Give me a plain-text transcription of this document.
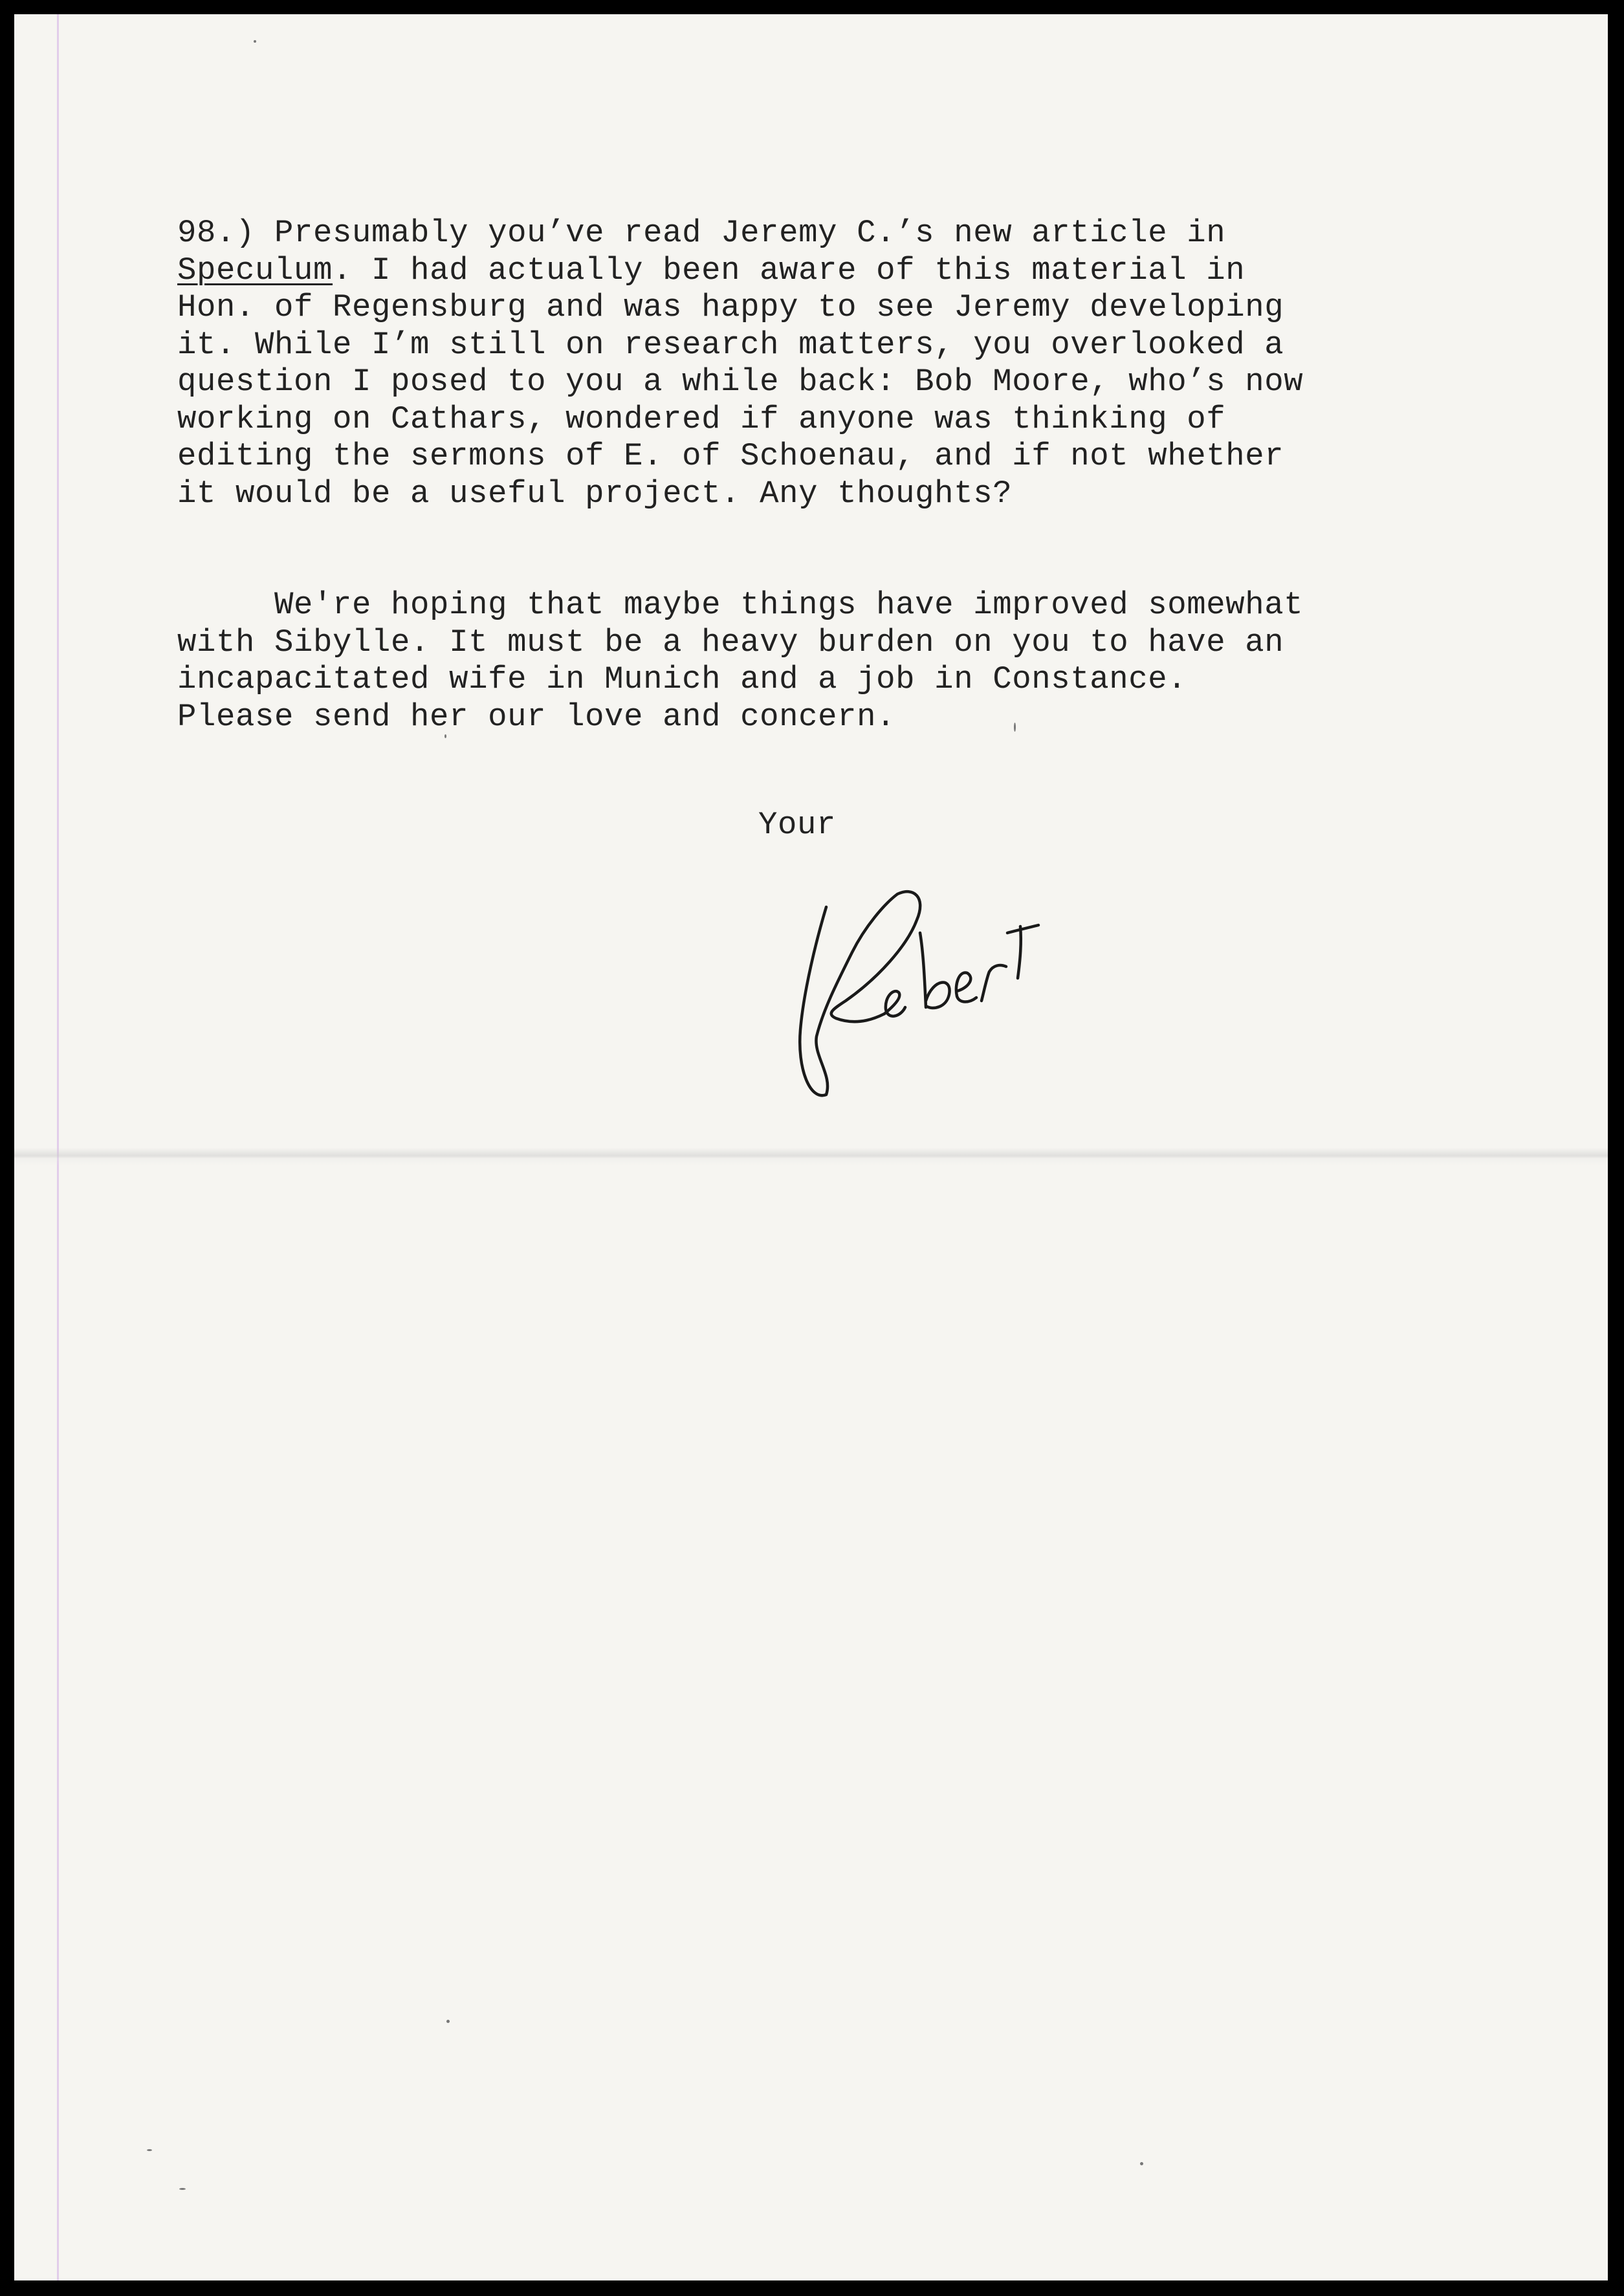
98.) Presumably you’ve read Jeremy C.’s new article in
Speculum. I had actually been aware of this material in
Hon. of Regensburg and was happy to see Jeremy developing
it. While I’m still on research matters, you overlooked a
question I posed to you a while back: Bob Moore, who’s now
working on Cathars, wondered if anyone was thinking of
editing the sermons of E. of Schoenau, and if not whether
it would be a useful project. Any thoughts?
We're hoping that maybe things have improved somewhat
with Sibylle. It must be a heavy burden on you to have an
incapacitated wife in Munich and a job in Constance.
Please send her our love and concern.
Your
